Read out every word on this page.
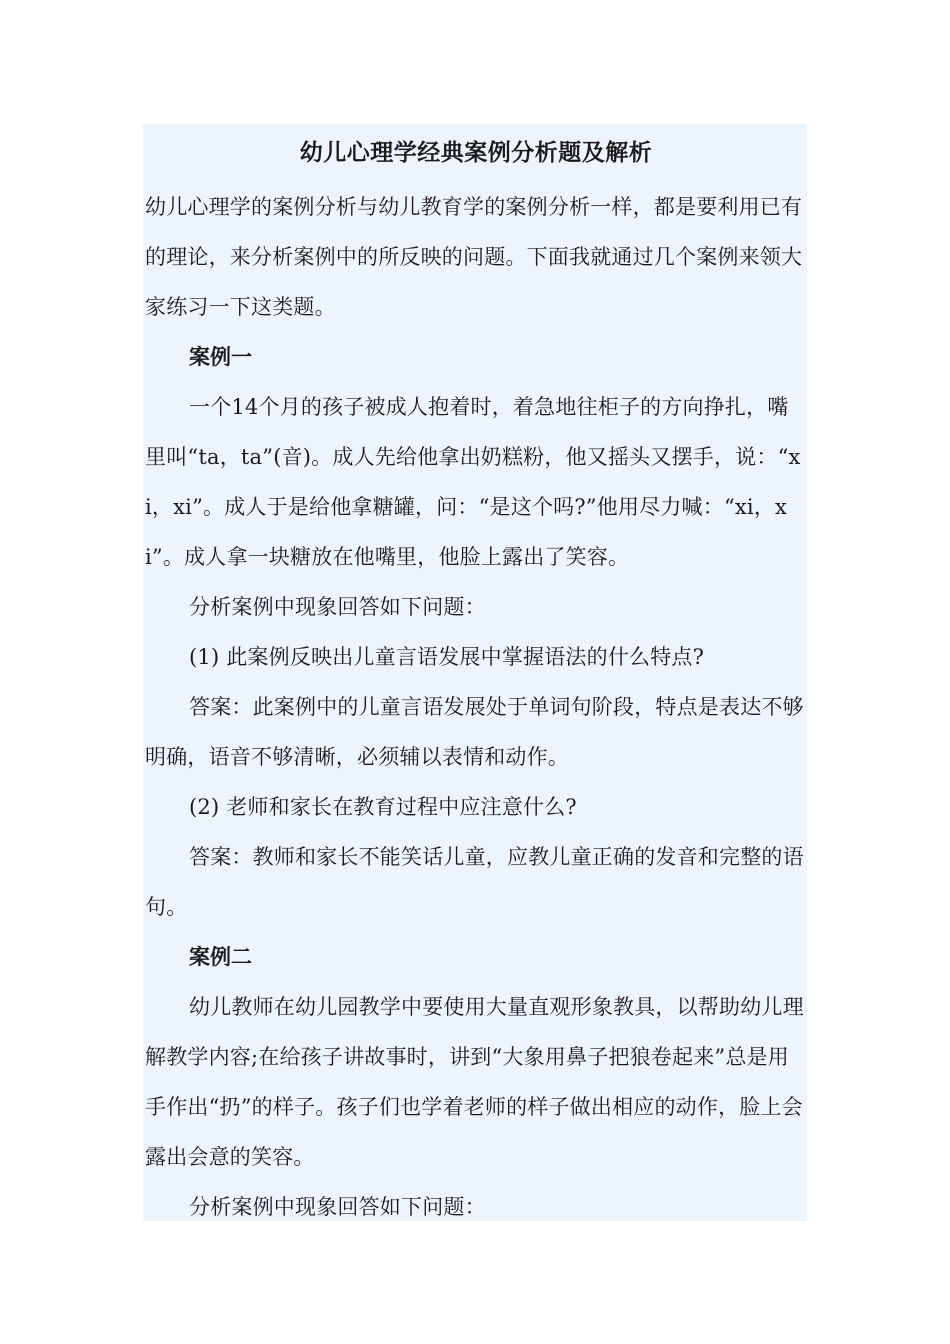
幼儿心理学经典案例分析题及解析

幼儿心理学的案例分析与幼儿教育学的案例分析一样，都是要利用已有的理论，来分析案例中的所反映的问题。下面我就通过几个案例来领大家练习一下这类题。

案例一

一个14个月的孩子被成人抱着时，着急地往柜子的方向挣扎，嘴里叫“ta，ta”(音)。成人先给他拿出奶糕粉，他又摇头又摆手，说：“xi，xi”。成人于是给他拿糖罐，问：“是这个吗?”他用尽力喊：“xi，xi”。成人拿一块糖放在他嘴里，他脸上露出了笑容。

分析案例中现象回答如下问题：

(1) 此案例反映出儿童言语发展中掌握语法的什么特点?

答案：此案例中的儿童言语发展处于单词句阶段，特点是表达不够明确，语音不够清晰，必须辅以表情和动作。

(2) 老师和家长在教育过程中应注意什么?

答案：教师和家长不能笑话儿童，应教儿童正确的发音和完整的语句。

案例二

幼儿教师在幼儿园教学中要使用大量直观形象教具，以帮助幼儿理解教学内容;在给孩子讲故事时，讲到“大象用鼻子把狼卷起来”总是用手作出“扔”的样子。孩子们也学着老师的样子做出相应的动作，脸上会露出会意的笑容。

分析案例中现象回答如下问题：
